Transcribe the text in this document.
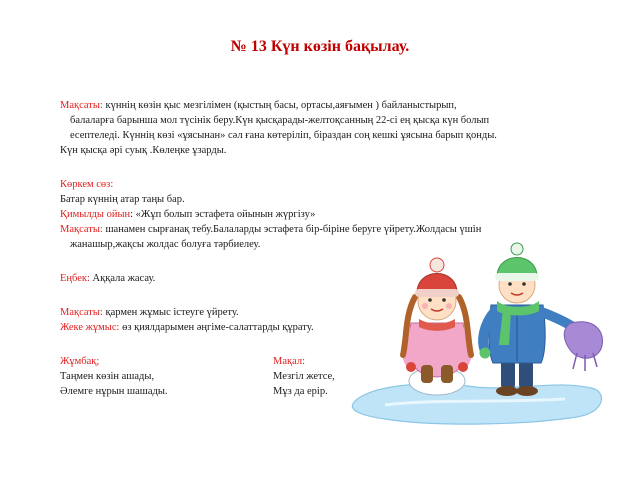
№ 13 Күн көзін бақылау.

Мақсаты: күннің көзін қыс мезгілімен (қыстың басы, ортасы,аяғымен ) байланыстырып, балаларға барынша мол түсінік беру.Күн қысқарады-желтоқсанның 22-сі ең қысқа күн болып есептеледі. Күннің көзі «ұясынан» сәл ғана көтеріліп, біраздан соң кешкі ұясына барып қонды.

Күн қысқа әрі суық .Көлеңке ұзарды.

Көркем сөз:

Батар күннің атар таңы бар.

Қимылды ойын: «Жұп болып эстафета ойынын жүргізу»

Мақсаты: шанамен сырғанақ тебу.Балаларды эстафета бір-біріне беруге үйрету.Жолдасы үшін жанашыр,жақсы жолдас болуға тәрбиелеу.

Еңбек: Аққала жасау.

Мақсаты: қармен жұмыс істеуге үйрету.

Жеке жұмыс: өз қиялдарымен әңгіме-салаттарды құрату.

Жұмбақ;	Мақал:
Таңмен көзін ашады,	Мезгіл жетсе,
Әлемге нұрын шашады.	Мұз да ерір.
